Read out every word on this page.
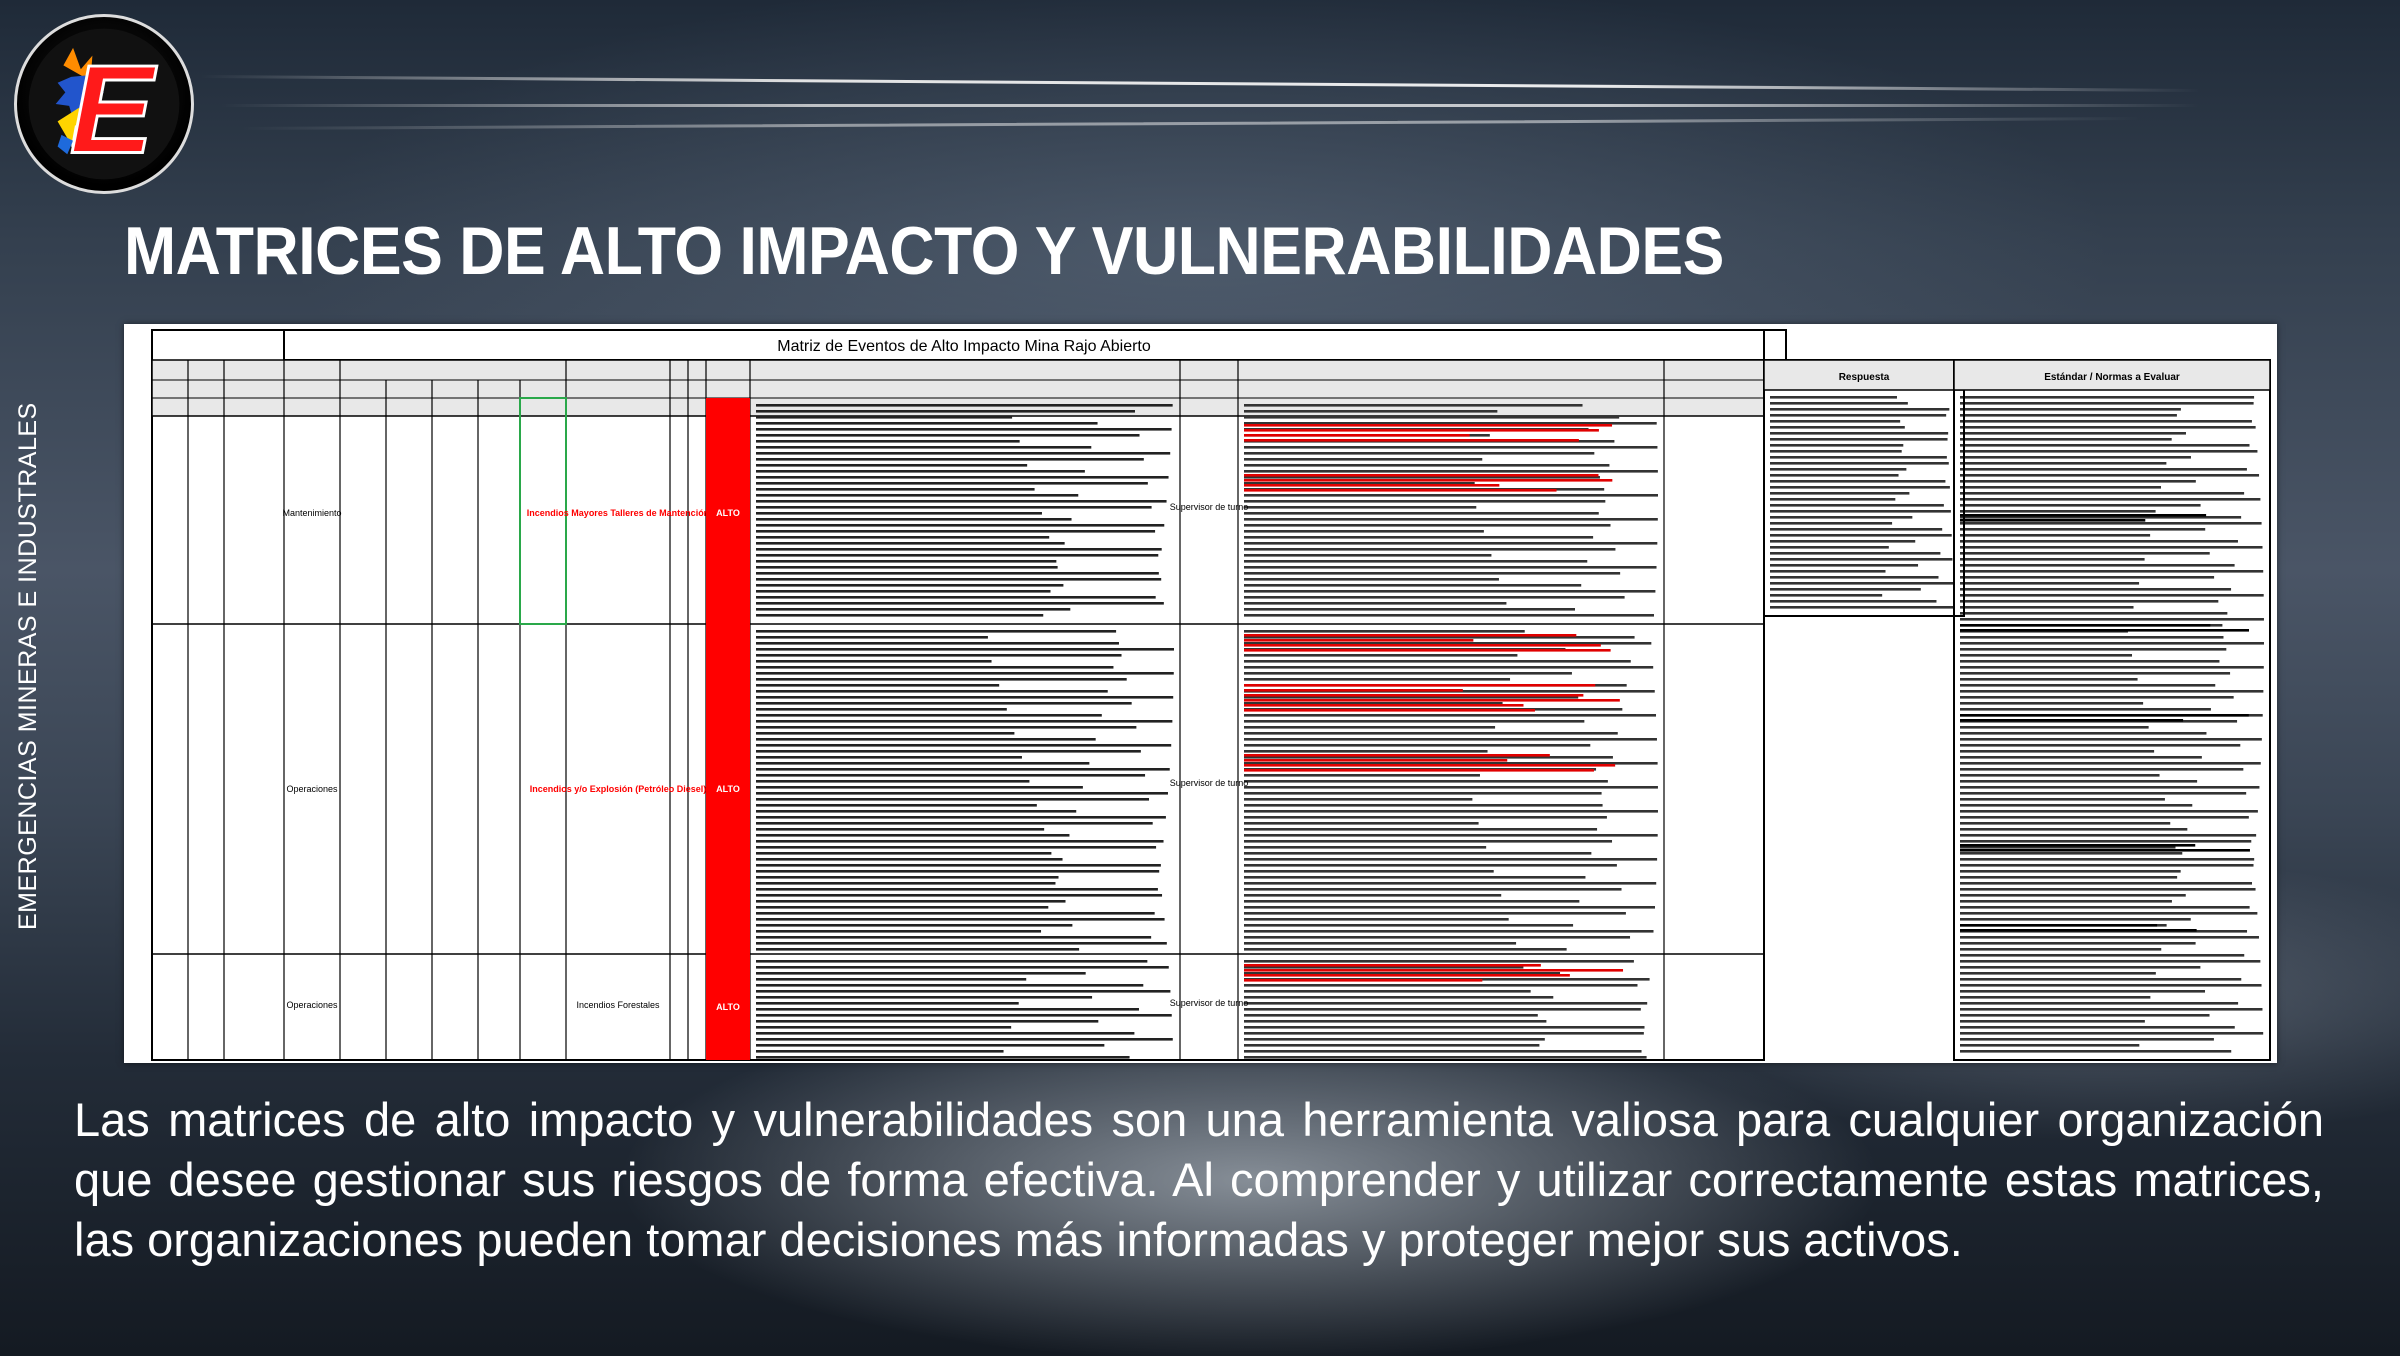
E
EMERGENCIAS MINERAS E INDUSTRALES
MATRICES DE ALTO IMPACTO Y VULNERABILIDADES
Matriz de Eventos de Alto Impacto Mina Rajo Abierto
Mantenimiento
Operaciones
Operaciones
Supervisor de turno
Supervisor de turno
Supervisor de turno
Incendios Forestales
Incendios Mayores Talleres de Mantención
Incendios y/o Explosión (Petróleo Diesel)
ALTO
ALTO
ALTO
Respuesta	Estándar / Normas a Evaluar
Las matrices de alto impacto y vulnerabilidades son una herramienta valiosa para cualquier organización que desee gestionar sus riesgos de forma efectiva. Al comprender y utilizar correctamente estas matrices, las organizaciones pueden tomar decisiones más informadas y proteger mejor sus activos.
